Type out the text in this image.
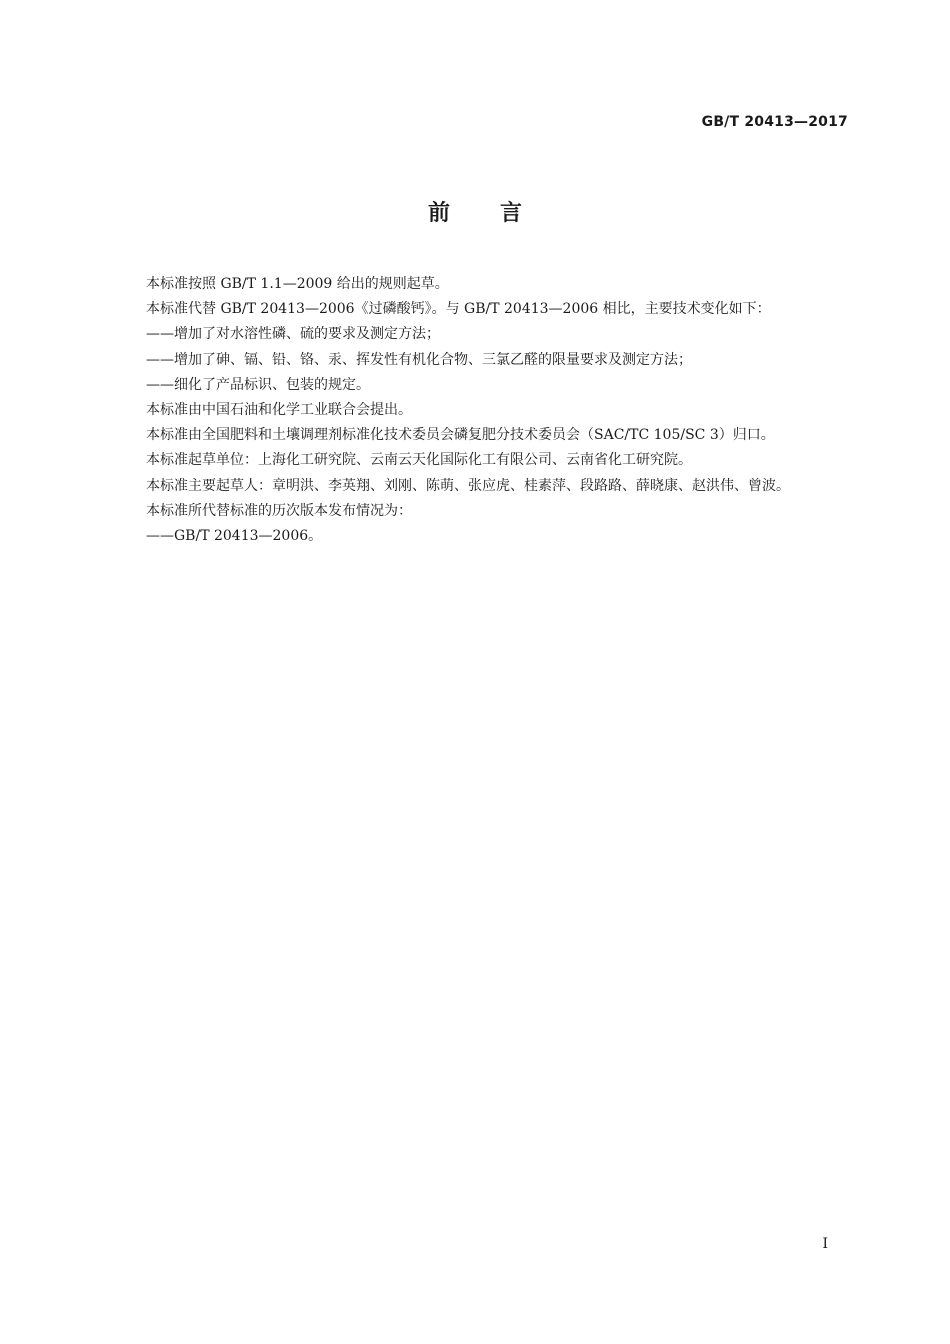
GB/T 20413—2017
前言

本标准按照 GB/T 1.1—2009 给出的规则起草。

本标准代替 GB/T 20413—2006《过磷酸钙》。与 GB/T 20413—2006 相比，主要技术变化如下：

——增加了对水溶性磷、硫的要求及测定方法；

——增加了砷、镉、铅、铬、汞、挥发性有机化合物、三氯乙醛的限量要求及测定方法；

——细化了产品标识、包装的规定。

本标准由中国石油和化学工业联合会提出。

本标准由全国肥料和土壤调理剂标准化技术委员会磷复肥分技术委员会（SAC/TC 105/SC 3）归口。

本标准起草单位：上海化工研究院、云南云天化国际化工有限公司、云南省化工研究院。

本标准主要起草人：章明洪、李英翔、刘刚、陈萌、张应虎、桂素萍、段路路、薛晓康、赵洪伟、曾波。

本标准所代替标准的历次版本发布情况为：

——GB/T 20413—2006。

I
